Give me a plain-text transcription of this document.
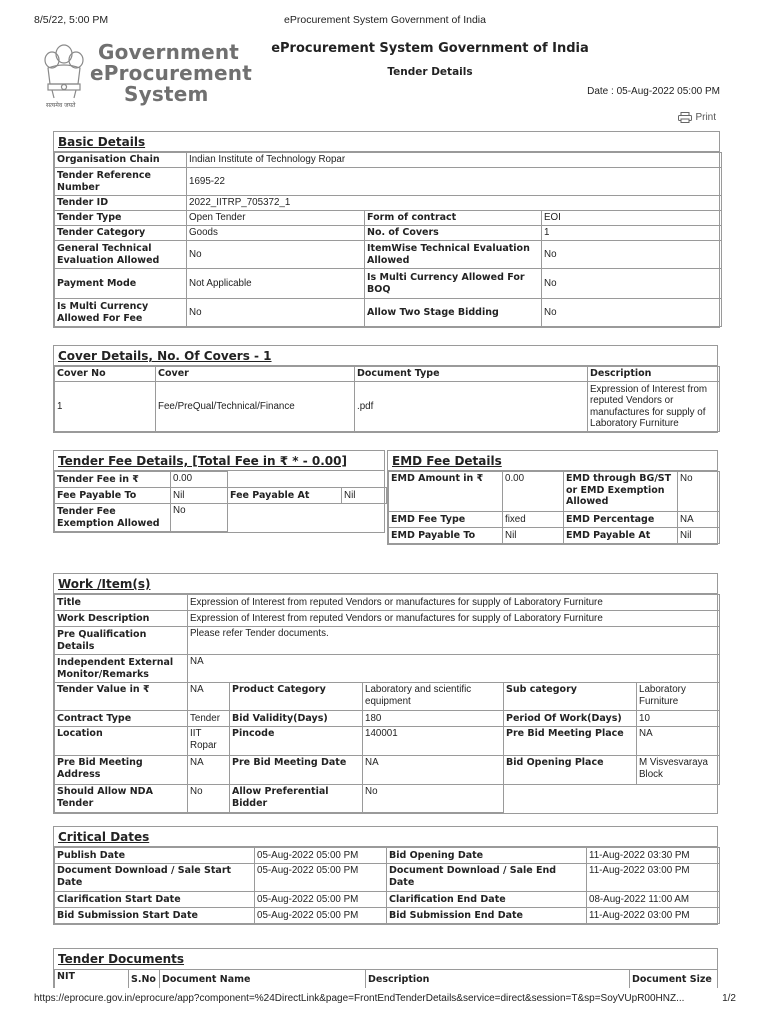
8/5/22, 5:00 PM	eProcurement System Government of India
Government
eProcurement
System
सत्यमेव जयते
eProcurement System Government of India
Tender Details
Date : 05-Aug-2022 05:00 PM
Print
Basic Details
Organisation Chain	Indian Institute of Technology Ropar		
Tender Reference Number	1695-22		
Tender ID	2022_IITRP_705372_1		
Tender Type	Open Tender	Form of contract	EOI
Tender Category	Goods	No. of Covers	1
General Technical Evaluation Allowed	No	ItemWise Technical Evaluation Allowed	No
Payment Mode	Not Applicable	Is Multi Currency Allowed For BOQ	No
Is Multi Currency Allowed For Fee	No	Allow Two Stage Bidding	No
Cover Details, No. Of Covers - 1
Cover No	Cover	Document Type	Description
1	Fee/PreQual/Technical/Finance	.pdf	Expression of Interest from reputed Vendors or manufactures for supply of Laboratory Furniture
Tender Fee Details, [Total Fee in ₹ * - 0.00]
Tender Fee in ₹	0.00		
Fee Payable To	Nil	Fee Payable At	Nil
Tender Fee Exemption Allowed	No		
EMD Fee Details
EMD Amount in ₹	0.00	EMD through BG/ST or EMD Exemption Allowed	No
EMD Fee Type	fixed	EMD Percentage	NA
EMD Payable To	Nil	EMD Payable At	Nil
Work /Item(s)
Title	Expression of Interest from reputed Vendors or manufactures for supply of Laboratory Furniture				
Work Description	Expression of Interest from reputed Vendors or manufactures for supply of Laboratory Furniture				
Pre Qualification Details	Please refer Tender documents.				
Independent External Monitor/Remarks	NA				
Tender Value in ₹	NA	Product Category	Laboratory and scientific equipment	Sub category	Laboratory Furniture
Contract Type	Tender	Bid Validity(Days)	180	Period Of Work(Days)	10
Location	IIT Ropar	Pincode	140001	Pre Bid Meeting Place	NA
Pre Bid Meeting Address	NA	Pre Bid Meeting Date	NA	Bid Opening Place	M Visvesvaraya Block
Should Allow NDA Tender	No	Allow Preferential Bidder	No		
Critical Dates
Publish Date	05-Aug-2022 05:00 PM	Bid Opening Date	11-Aug-2022 03:30 PM
Document Download / Sale Start Date	05-Aug-2022 05:00 PM	Document Download / Sale End Date	11-Aug-2022 03:00 PM
Clarification Start Date	05-Aug-2022 05:00 PM	Clarification End Date	08-Aug-2022 11:00 AM
Bid Submission Start Date	05-Aug-2022 05:00 PM	Bid Submission End Date	11-Aug-2022 03:00 PM
Tender Documents
NIT	S.No	Document Name	Description	Document Size
https://eprocure.gov.in/eprocure/app?component=%24DirectLink&page=FrontEndTenderDetails&service=direct&session=T&sp=SoyVUpR00HNZ...	1/2
